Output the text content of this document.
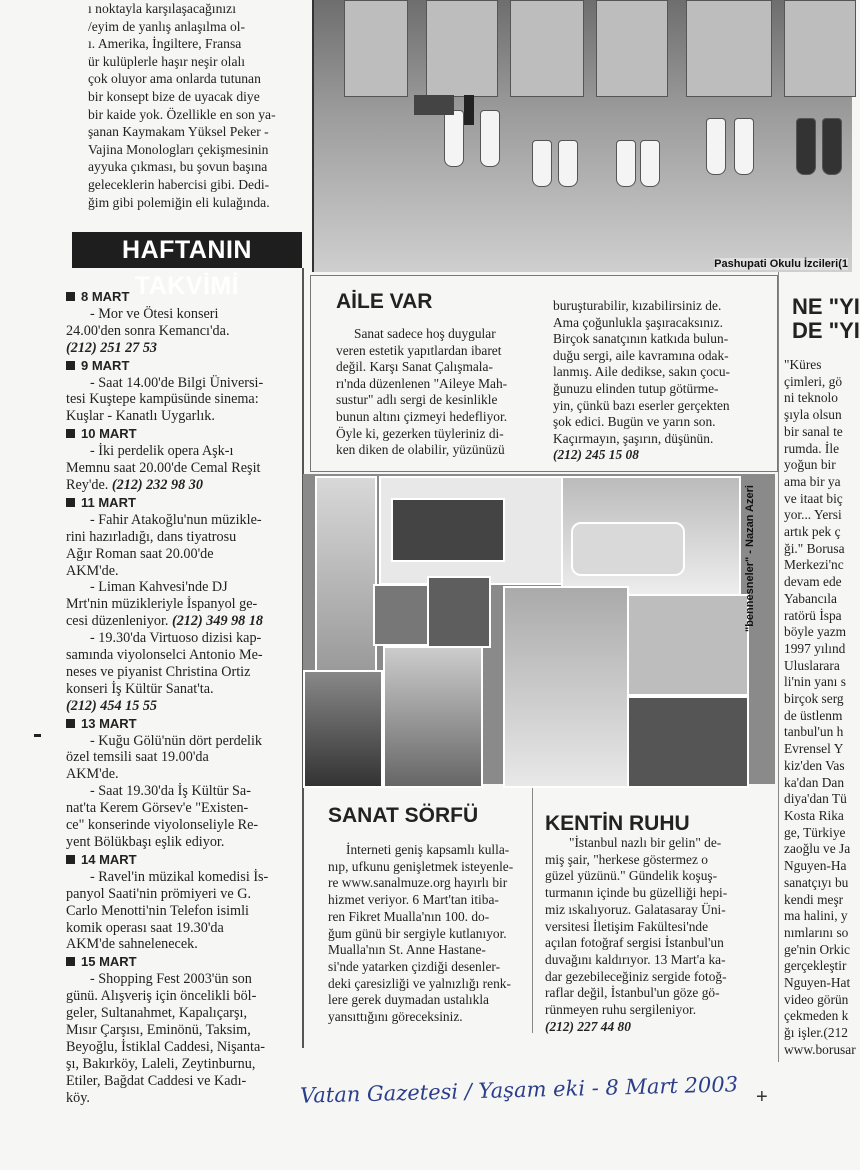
ı noktayla karşılaşacağınızı
/eyim de yanlış anlaşılma ol-
ı. Amerika, İngiltere, Fransa
ür kulüplerle haşır neşir olalı
çok oluyor ama onlarda tutunan
bir konsept bize de uyacak diye
bir kaide yok. Özellikle en son ya-
şanan Kaymakam Yüksel Peker -
Vajina Monologları çekişmesinin
ayyuka çıkması, bu şovun başına
geleceklerin habercisi gibi. Dedi-
ğim gibi polemiğin eli kulağında.
Pashupati Okulu İzcileri(1
HAFTANIN TAKVİMİ
8 MART
- Mor ve Ötesi konseri
24.00'den sonra Kemancı'da.
(212) 251 27 53
9 MART
- Saat 14.00'de Bilgi Üniversi-
tesi Kuştepe kampüsünde sinema:
Kuşlar - Kanatlı Uygarlık.
10 MART
- İki perdelik opera Aşk-ı
Memnu saat 20.00'de Cemal Reşit
Rey'de. (212) 232 98 30
11 MART
- Fahir Atakoğlu'nun müzikle-
rini hazırladığı, dans tiyatrosu
Ağır Roman saat 20.00'de
AKM'de.
- Liman Kahvesi'nde DJ
Mrt'nin müzikleriyle İspanyol ge-
cesi düzenleniyor. (212) 349 98 18
- 19.30'da Virtuoso dizisi kap-
samında viyolonselci Antonio Me-
neses ve piyanist Christina Ortiz
konseri İş Kültür Sanat'ta.
(212) 454 15 55
13 MART
- Kuğu Gölü'nün dört perdelik
özel temsili saat 19.00'da
AKM'de.
- Saat 19.30'da İş Kültür Sa-
nat'ta Kerem Görsev'e "Existen-
ce" konserinde viyolonseliyle Re-
yent Bölükbaşı eşlik ediyor.
14 MART
- Ravel'in müzikal komedisi İs-
panyol Saati'nin prömiyeri ve G.
Carlo Menotti'nin Telefon isimli
komik operası saat 19.30'da
AKM'de sahnelenecek.
15 MART
- Shopping Fest 2003'ün son
günü. Alışveriş için öncelikli böl-
geler, Sultanahmet, Kapalıçarşı,
Mısır Çarşısı, Eminönü, Taksim,
Beyoğlu, İstiklal Caddesi, Nişanta-
şı, Bakırköy, Laleli, Zeytinburnu,
Etiler, Bağdat Caddesi ve Kadı-
köy.
AİLE VAR
Sanat sadece hoş duygular
veren estetik yapıtlardan ibaret
değil. Karşı Sanat Çalışmala-
rı'nda düzenlenen "Aileye Mah-
sustur" adlı sergi de kesinlikle
bunun altını çizmeyi hedefliyor.
Öyle ki, gezerken tüyleriniz di-
ken diken de olabilir, yüzünüzü
buruşturabilir, kızabilirsiniz de.
Ama çoğunlukla şaşıracaksınız.
Birçok sanatçının katkıda bulun-
duğu sergi, aile kavramına odak-
lanmış. Aile dedikse, sakın çocu-
ğunuzu elinden tutup götürme-
yin, çünkü bazı eserler gerçekten
şok edici. Bugün ve yarın son.
Kaçırmayın, şaşırın, düşünün.
(212) 245 15 08
"bennesneler" - Nazan Azeri
SANAT SÖRFÜ
İnterneti geniş kapsamlı kulla-
nıp, ufkunu genişletmek isteyenle-
re www.sanalmuze.org hayırlı bir
hizmet veriyor. 6 Mart'tan itiba-
ren Fikret Mualla'nın 100. do-
ğum günü bir sergiyle kutlanıyor.
Mualla'nın St. Anne Hastane-
si'nde yatarken çizdiği desenler-
deki çaresizliği ve yalnızlığı renk-
lere gerek duymadan ustalıkla
yansıttığını göreceksiniz.
KENTİN RUHU
"İstanbul nazlı bir gelin" de-
miş şair, "herkese göstermez o
güzel yüzünü." Gündelik koşuş-
turmanın içinde bu güzelliği hepi-
miz ıskalıyoruz. Galatasaray Üni-
versitesi İletişim Fakültesi'nde
açılan fotoğraf sergisi İstanbul'un
duvağını kaldırıyor. 13 Mart'a ka-
dar gezebileceğiniz sergide fotoğ-
raflar değil, İstanbul'un göze gö-
rünmeyen ruhu sergileniyor.
(212) 227 44 80
NE "YI
DE "YI
"Küres
çimleri, gö
ni teknolo
şıyla olsun
bir sanal te
rumda. İle
yoğun bir
ama bir ya
ve itaat biç
yor... Yersi
artık pek ç
ği." Borusa
Merkezi'nc
devam ede
Yabancıla
ratörü İspa
böyle yazm
1997 yılınd
Uluslarara
li'nin yanı s
birçok serg
de üstlenm
tanbul'un h
Evrensel Y
kiz'den Vas
ka'dan Dan
diya'dan Tü
Kosta Rika
ge, Türkiye
zaoğlu ve Ja
Nguyen-Ha
sanatçıyı bu
kendi meşr
ma halini, y
nımlarını so
ge'nin Orkic
gerçekleştir
Nguyen-Hat
video görün
çekmeden k
ğı işler.(212
www.borusar
Vatan Gazetesi / Yaşam eki - 8 Mart 2003 +
